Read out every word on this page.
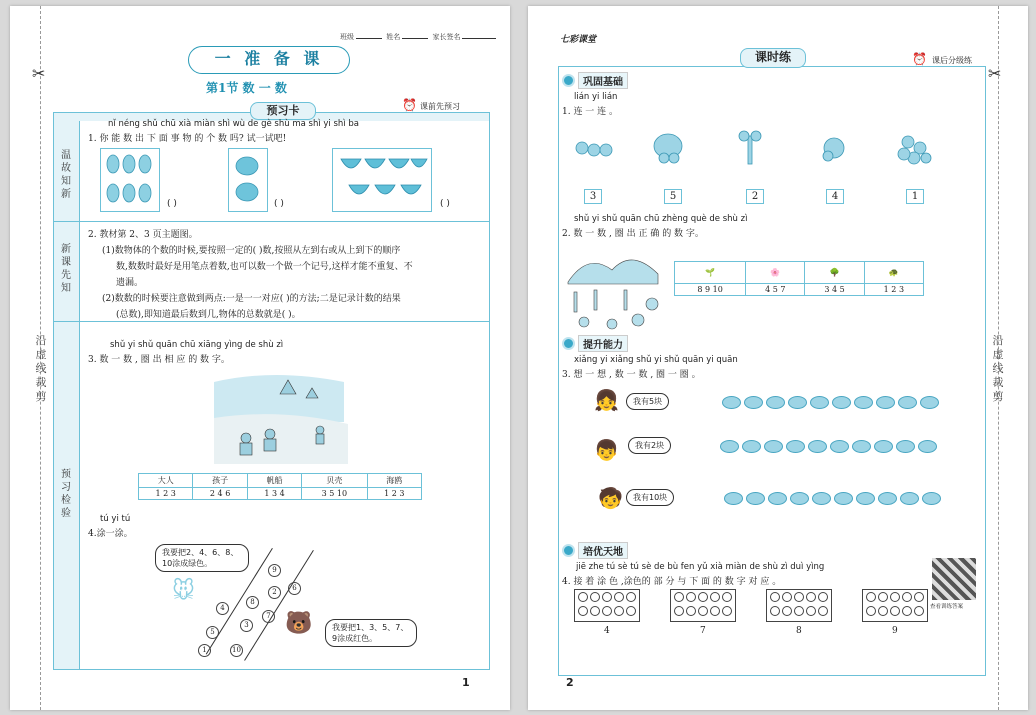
✂
沿虚线裁剪
班级	姓名	家长签名
一 准 备 课
第1节 数 一 数
温故知新
新课先知
预习检验
预习卡	⏰ 课前先预习
nǐ néng shǔ chū xià miàn shì wù de gè shù ma shì yi shì ba
1. 你 能 数 出 下 面 事 物 的 个 数 吗? 试一试吧!
( )	( )	( )
2. 教材第 2、3 页主题图。
(1)数物体的个数的时候,要按照一定的( )数,按照从左到右或从上到下的顺序
数,数数时最好是用笔点着数,也可以数一个做一个记号,这样才能不重复、不
遗漏。
(2)数数的时候要注意做到两点:一是一一对应( )的方法;二是记录计数的结果
(总数),即知道最后数到几,物体的总数就是( )。
shǔ yi shǔ quān chū xiāng yìng de shù zì
3. 数 一 数 , 圈 出 相 应 的 数 字。
大人	孩子	帆船	贝壳	海鸥
1 2 3	2 4 6	1 3 4	3 5 10	1 2 3
tú yi tú
4.涂一涂。
我要把2、4、6、8、10涂成绿色。
🐭
我要把1、3、5、7、9涂成红色。
🐻
9
2	6
8
4
7
5
3
1	10
1
✂
沿虚线裁剪
七彩课堂
课时练	⏰ 课后分级练
巩固基础
lián yi lián
1. 连 一 连 。
3	5	2	4	1
shǔ yi shǔ quān chū zhèng què de shù zì
2. 数 一 数 , 圈 出 正 确 的 数 字。
🌱	🌸	🌳	🐢
8 9 10	4 5 7	3 4 5	1 2 3
提升能力
xiǎng yi xiǎng shǔ yi shǔ quān yi quān
3. 想 一 想 , 数 一 数 , 圈 一 圈 。
👧	我有5块
👦	我有2块
🧒	我有10块
培优天地
jiē zhe tú sè tú sè de bù fen yǔ xià miàn de shù zì duì yìng
4. 接 着 涂 色 ,涂色的 部 分 与 下 面 的 数 字 对 应 。
4	7	8	9
查看训练答案
2
